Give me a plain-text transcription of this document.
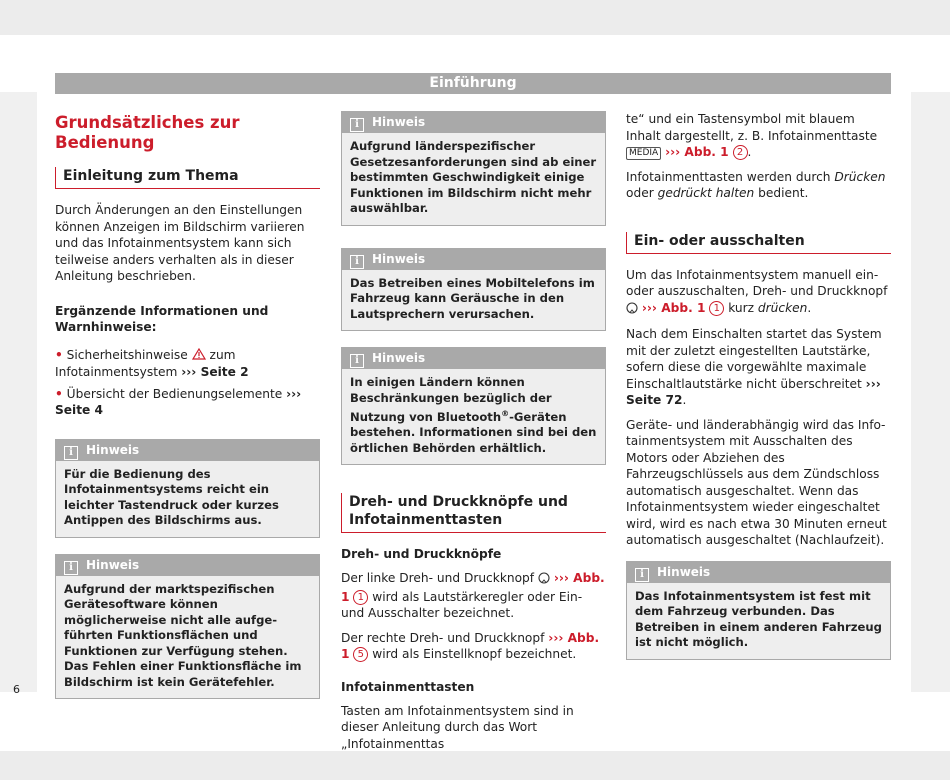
Einführung
Grundsätzliches zur Bedienung
Einleitung zum Thema

Durch Änderungen an den Einstellungen können Anzeigen im Bildschirm variieren und das Infotainmentsystem kann sich teilweise anders verhalten als in dieser Anleitung beschrieben.

Ergänzende Informationen und Warnhinweise:

• Sicherheitshinweise zum Infotainmentsystem ››› Seite 2

• Übersicht der Bedienungselemente ››› Seite 4

i Hinweis
Für die Bedienung des Infotainmentsystems reicht ein leichter Tastendruck oder kurzes Antippen des Bildschirms aus.
i Hinweis
Aufgrund der marktspezifischen Gerätesoftware können möglicherweise nicht alle aufgeführten Funktionsflächen und Funktionen zur Verfügung stehen. Das Fehlen einer Funktionsfläche im Bildschirm ist kein Gerätefehler.
i Hinweis
Aufgrund länderspezifischer Gesetzesanforderungen sind ab einer bestimmten Geschwindigkeit einige Funktionen im Bildschirm nicht mehr auswählbar.
i Hinweis
Das Betreiben eines Mobiltelefons im Fahrzeug kann Geräusche in den Lautsprechern verursachen.
i Hinweis
In einigen Ländern können Beschränkungen bezüglich der Nutzung von Bluetooth®-Geräten bestehen. Informationen sind bei den örtlichen Behörden erhältlich.
Dreh- und Druckknöpfe und Infotainmenttasten

Dreh- und Druckknöpfe

Der linke Dreh- und Druckknopf ››› Abb. 1 1 wird als Lautstärkeregler oder Ein- und Ausschalter bezeichnet.

Der rechte Dreh- und Druckknopf ››› Abb. 1 5 wird als Einstellknopf bezeichnet.

Infotainmenttasten

Tasten am Infotainmentsystem sind in dieser Anleitung durch das Wort „Infotainmenttas

te“ und ein Tastensymbol mit blauem Inhalt dargestellt, z. B. Infotainmenttaste MEDIA ››› Abb. 1 2 .

Infotainmenttasten werden durch Drücken oder gedrückt halten bedient.

Ein- oder ausschalten

Um das Infotainmentsystem manuell ein- oder auszuschalten, Dreh- und Druckknopf  ››› Abb. 1 1 kurz drücken.

Nach dem Einschalten startet das System mit der zuletzt eingestellten Lautstärke, sofern diese die vorgewählte maximale Einschaltlautstärke nicht überschreitet ››› Seite 72.

Geräte- und länderabhängig wird das Infotainmentsystem mit Ausschalten des Motors oder Abziehen des Fahrzeugschlüssels aus dem Zündschloss automatisch ausgeschaltet. Wenn das Infotainmentsystem wieder eingeschaltet wird, wird es nach etwa 30 Minuten erneut automatisch ausgeschaltet (Nachlaufzeit).

i Hinweis
Das Infotainmentsystem ist fest mit dem Fahrzeug verbunden. Das Betreiben in einem anderen Fahrzeug ist nicht möglich.
6
